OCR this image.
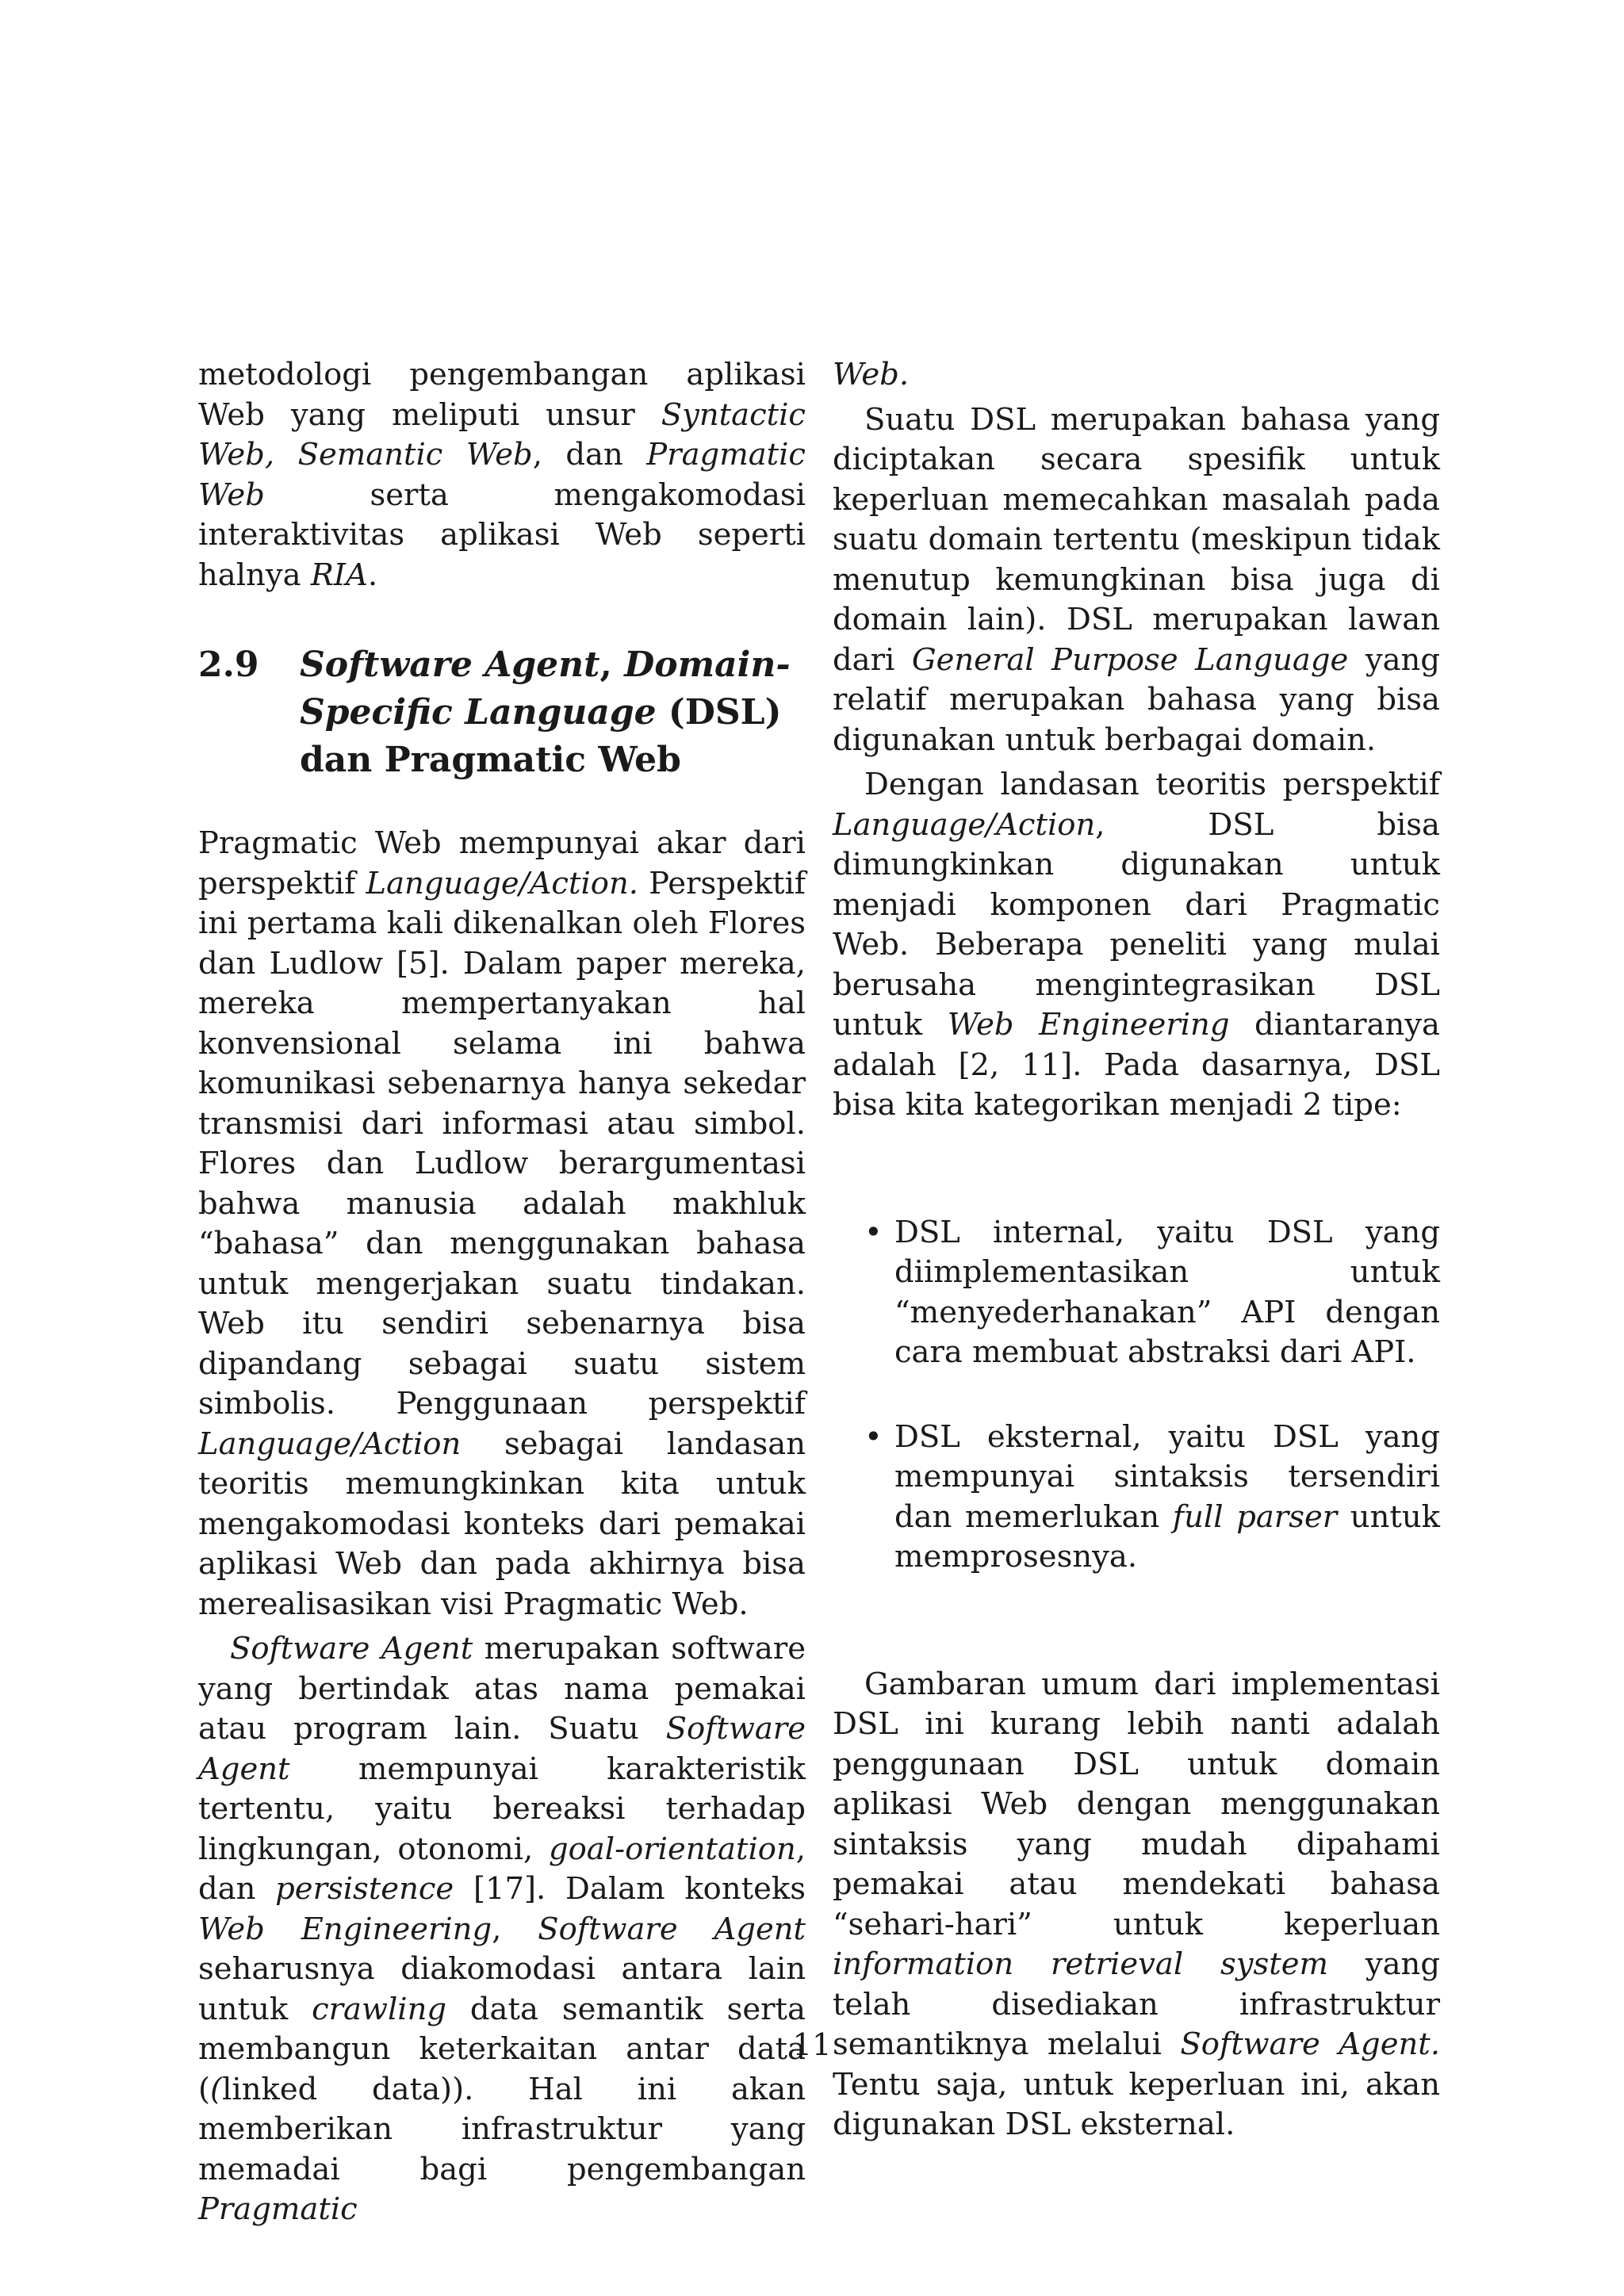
metodologi pengembangan aplikasi Web yang meliputi unsur Syntactic Web, Semantic Web, dan Pragmatic Web serta mengakomodasi interaktivitas aplikasi Web seperti halnya RIA.

2.9	Software Agent, Domain-Specific Language (DSL)
dan Pragmatic Web

Pragmatic Web mempunyai akar dari perspektif Language/Action. Perspektif ini pertama kali dikenalkan oleh Flores dan Ludlow [5]. Dalam paper mereka, mereka mempertanyakan hal konvensional selama ini bahwa komunikasi sebenarnya hanya sekedar transmisi dari informasi atau simbol. Flores dan Ludlow berargumentasi bahwa manusia adalah makhluk “bahasa” dan menggunakan bahasa untuk mengerjakan suatu tindakan. Web itu sendiri sebenarnya bisa dipandang sebagai suatu sistem simbolis. Penggunaan perspektif Language/Action sebagai landasan teoritis memungkinkan kita untuk mengakomodasi konteks dari pemakai aplikasi Web dan pada akhirnya bisa merealisasikan visi Pragmatic Web.

Software Agent merupakan software yang bertindak atas nama pemakai atau program lain. Suatu Software Agent mempunyai karakteristik tertentu, yaitu bereaksi terhadap lingkungan, otonomi, goal-orientation, dan persistence [17]. Dalam konteks Web Engineering, Software Agent seharusnya diakomodasi antara lain untuk crawling data semantik serta membangun keterkaitan antar data ((linked data)). Hal ini akan memberikan infrastruktur yang memadai bagi pengembangan Pragmatic

Web.

Suatu DSL merupakan bahasa yang diciptakan secara spesifik untuk keperluan memecahkan masalah pada suatu domain tertentu (meskipun tidak menutup kemungkinan bisa juga di domain lain). DSL merupakan lawan dari General Purpose Language yang relatif merupakan bahasa yang bisa digunakan untuk berbagai domain.

Dengan landasan teoritis perspektif Language/Action, DSL bisa dimungkinkan digunakan untuk menjadi komponen dari Pragmatic Web. Beberapa peneliti yang mulai berusaha mengintegrasikan DSL untuk Web Engineering diantaranya adalah [2, 11]. Pada dasarnya, DSL bisa kita kategorikan menjadi 2 tipe:

• DSL internal, yaitu DSL yang diimplementasikan untuk “menyederhanakan” API dengan cara membuat abstraksi dari API.
• DSL eksternal, yaitu DSL yang mempunyai sintaksis tersendiri dan memerlukan full parser untuk memprosesnya.

Gambaran umum dari implementasi DSL ini kurang lebih nanti adalah penggunaan DSL untuk domain aplikasi Web dengan menggunakan sintaksis yang mudah dipahami pemakai atau mendekati bahasa “sehari-hari” untuk keperluan information retrieval system yang telah disediakan infrastruktur semantiknya melalui Software Agent. Tentu saja, untuk keperluan ini, akan digunakan DSL eksternal.

11
